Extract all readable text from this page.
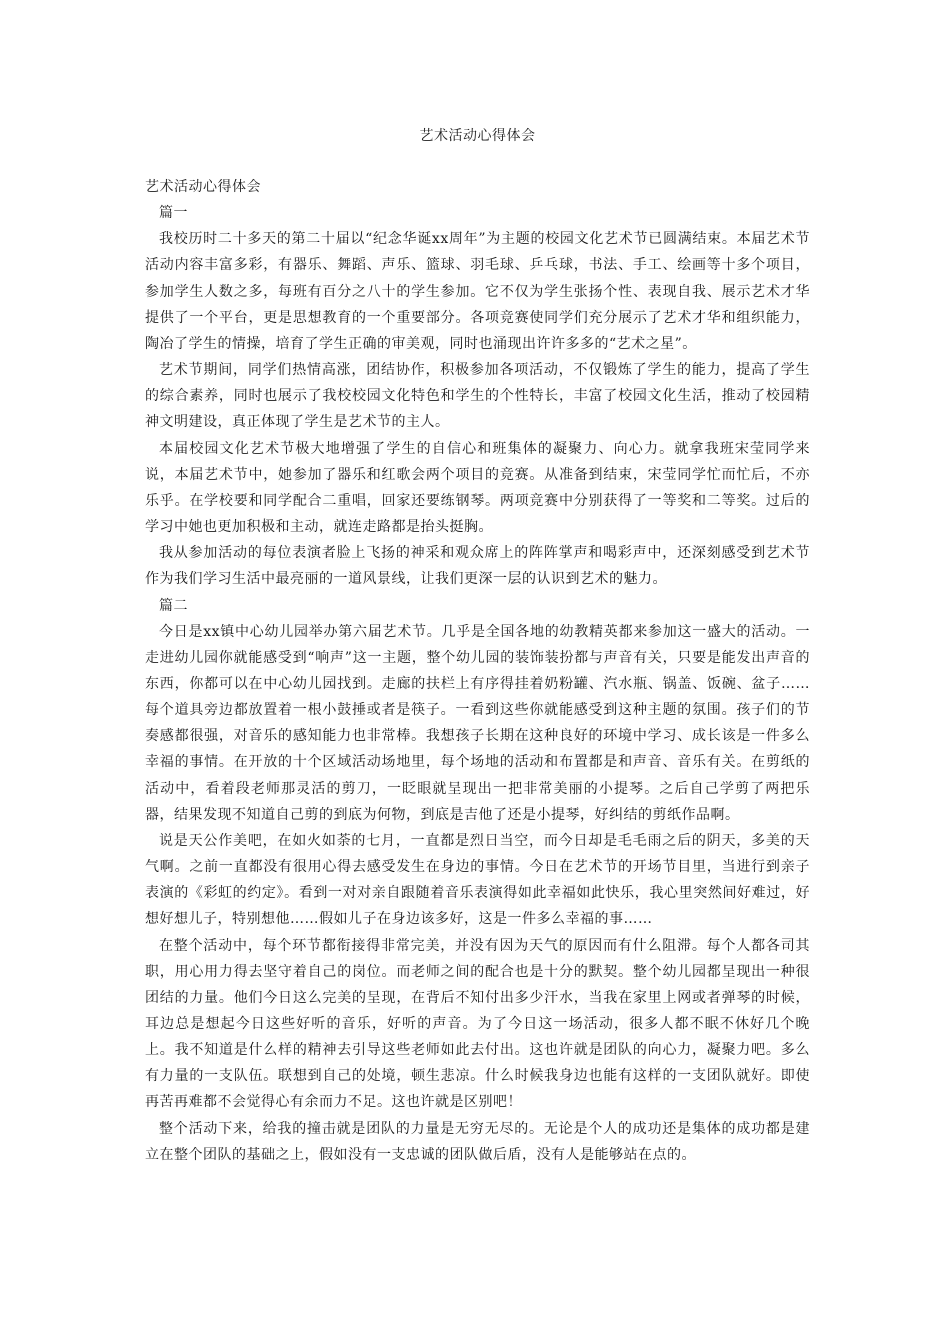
艺术活动心得体会

艺术活动心得体会

篇一

我校历时二十多天的第二十届以“纪念华诞xx周年”为主题的校园文化艺术节已圆满结束。本届艺术节活动内容丰富多彩，有器乐、舞蹈、声乐、篮球、羽毛球、乒乓球，书法、手工、绘画等十多个项目，参加学生人数之多，每班有百分之八十的学生参加。它不仅为学生张扬个性、表现自我、展示艺术才华提供了一个平台，更是思想教育的一个重要部分。各项竞赛使同学们充分展示了艺术才华和组织能力，陶冶了学生的情操，培育了学生正确的审美观，同时也涌现出许许多多的“艺术之星”。

艺术节期间，同学们热情高涨，团结协作，积极参加各项活动，不仅锻炼了学生的能力，提高了学生的综合素养，同时也展示了我校校园文化特色和学生的个性特长，丰富了校园文化生活，推动了校园精神文明建设，真正体现了学生是艺术节的主人。

本届校园文化艺术节极大地增强了学生的自信心和班集体的凝聚力、向心力。就拿我班宋莹同学来说，本届艺术节中，她参加了器乐和红歌会两个项目的竞赛。从准备到结束，宋莹同学忙而忙后，不亦乐乎。在学校要和同学配合二重唱，回家还要练钢琴。两项竞赛中分别获得了一等奖和二等奖。过后的学习中她也更加积极和主动，就连走路都是抬头挺胸。

我从参加活动的每位表演者脸上飞扬的神采和观众席上的阵阵掌声和喝彩声中，还深刻感受到艺术节作为我们学习生活中最亮丽的一道风景线，让我们更深一层的认识到艺术的魅力。

篇二

今日是xx镇中心幼儿园举办第六届艺术节。几乎是全国各地的幼教精英都来参加这一盛大的活动。一走进幼儿园你就能感受到“响声”这一主题，整个幼儿园的装饰装扮都与声音有关，只要是能发出声音的东西，你都可以在中心幼儿园找到。走廊的扶栏上有序得挂着奶粉罐、汽水瓶、锅盖、饭碗、盆子……每个道具旁边都放置着一根小鼓捶或者是筷子。一看到这些你就能感受到这种主题的氛围。孩子们的节奏感都很强，对音乐的感知能力也非常棒。我想孩子长期在这种良好的环境中学习、成长该是一件多么幸福的事情。在开放的十个区域活动场地里，每个场地的活动和布置都是和声音、音乐有关。在剪纸的活动中，看着段老师那灵活的剪刀，一眨眼就呈现出一把非常美丽的小提琴。之后自己学剪了两把乐器，结果发现不知道自己剪的到底为何物，到底是吉他了还是小提琴，好纠结的剪纸作品啊。

说是天公作美吧，在如火如荼的七月，一直都是烈日当空，而今日却是毛毛雨之后的阴天，多美的天气啊。之前一直都没有很用心得去感受发生在身边的事情。今日在艺术节的开场节目里，当进行到亲子表演的《彩虹的约定》。看到一对对亲自跟随着音乐表演得如此幸福如此快乐，我心里突然间好难过，好想好想儿子，特别想他……假如儿子在身边该多好，这是一件多么幸福的事……

在整个活动中，每个环节都衔接得非常完美，并没有因为天气的原因而有什么阻滞。每个人都各司其职，用心用力得去坚守着自己的岗位。而老师之间的配合也是十分的默契。整个幼儿园都呈现出一种很团结的力量。他们今日这么完美的呈现，在背后不知付出多少汗水，当我在家里上网或者弹琴的时候，耳边总是想起今日这些好听的音乐，好听的声音。为了今日这一场活动，很多人都不眠不休好几个晚上。我不知道是什么样的精神去引导这些老师如此去付出。这也许就是团队的向心力，凝聚力吧。多么有力量的一支队伍。联想到自己的处境，顿生悲凉。什么时候我身边也能有这样的一支团队就好。即使再苦再难都不会觉得心有余而力不足。这也许就是区别吧！

整个活动下来，给我的撞击就是团队的力量是无穷无尽的。无论是个人的成功还是集体的成功都是建立在整个团队的基础之上，假如没有一支忠诚的团队做后盾，没有人是能够站在点的。
